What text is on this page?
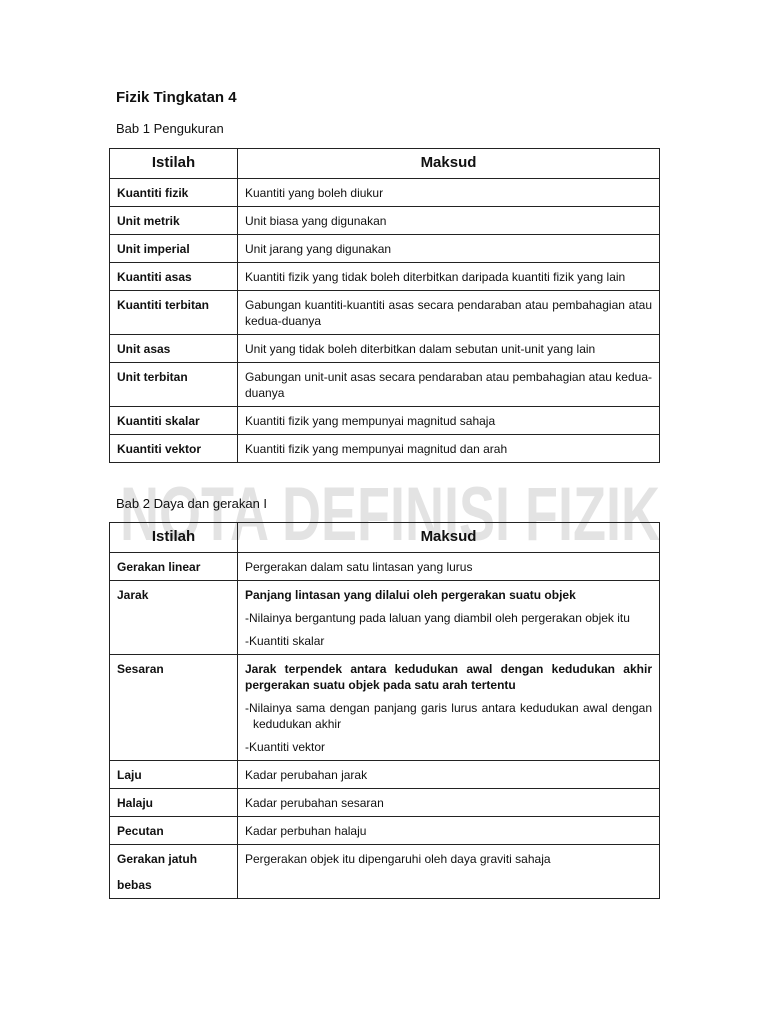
Fizik Tingkatan 4

Bab 1 Pengukuran

Istilah	Maksud
Kuantiti fizik	Kuantiti yang boleh diukur
Unit metrik	Unit biasa yang digunakan
Unit imperial	Unit jarang yang digunakan
Kuantiti asas	Kuantiti fizik yang tidak boleh diterbitkan daripada kuantiti fizik yang lain
Kuantiti terbitan	Gabungan kuantiti-kuantiti asas secara pendaraban atau pembahagian atau kedua-duanya
Unit asas	Unit yang tidak boleh diterbitkan dalam sebutan unit-unit yang lain
Unit terbitan	Gabungan unit-unit asas secara pendaraban atau pembahagian atau kedua-duanya
Kuantiti skalar	Kuantiti fizik yang mempunyai magnitud sahaja
Kuantiti vektor	Kuantiti fizik yang mempunyai magnitud dan arah
NOTA DEFINISI FIZIK

Bab 2 Daya dan gerakan I

Istilah	Maksud
Gerakan linear	Pergerakan dalam satu lintasan yang lurus
Jarak	Panjang lintasan yang dilalui oleh pergerakan suatu objek
-Nilainya bergantung pada laluan yang diambil oleh pergerakan objek itu
-Kuantiti skalar

Sesaran	Jarak terpendek antara kedudukan awal dengan kedudukan akhir pergerakan suatu objek pada satu arah tertentu
-Nilainya sama dengan panjang garis lurus antara kedudukan awal dengan kedudukan akhir
-Kuantiti vektor

Laju	Kadar perubahan jarak
Halaju	Kadar perubahan sesaran
Pecutan	Kadar perbuhan halaju

Gerakan jatuh
bebas	Pergerakan objek itu dipengaruhi oleh daya graviti sahaja
